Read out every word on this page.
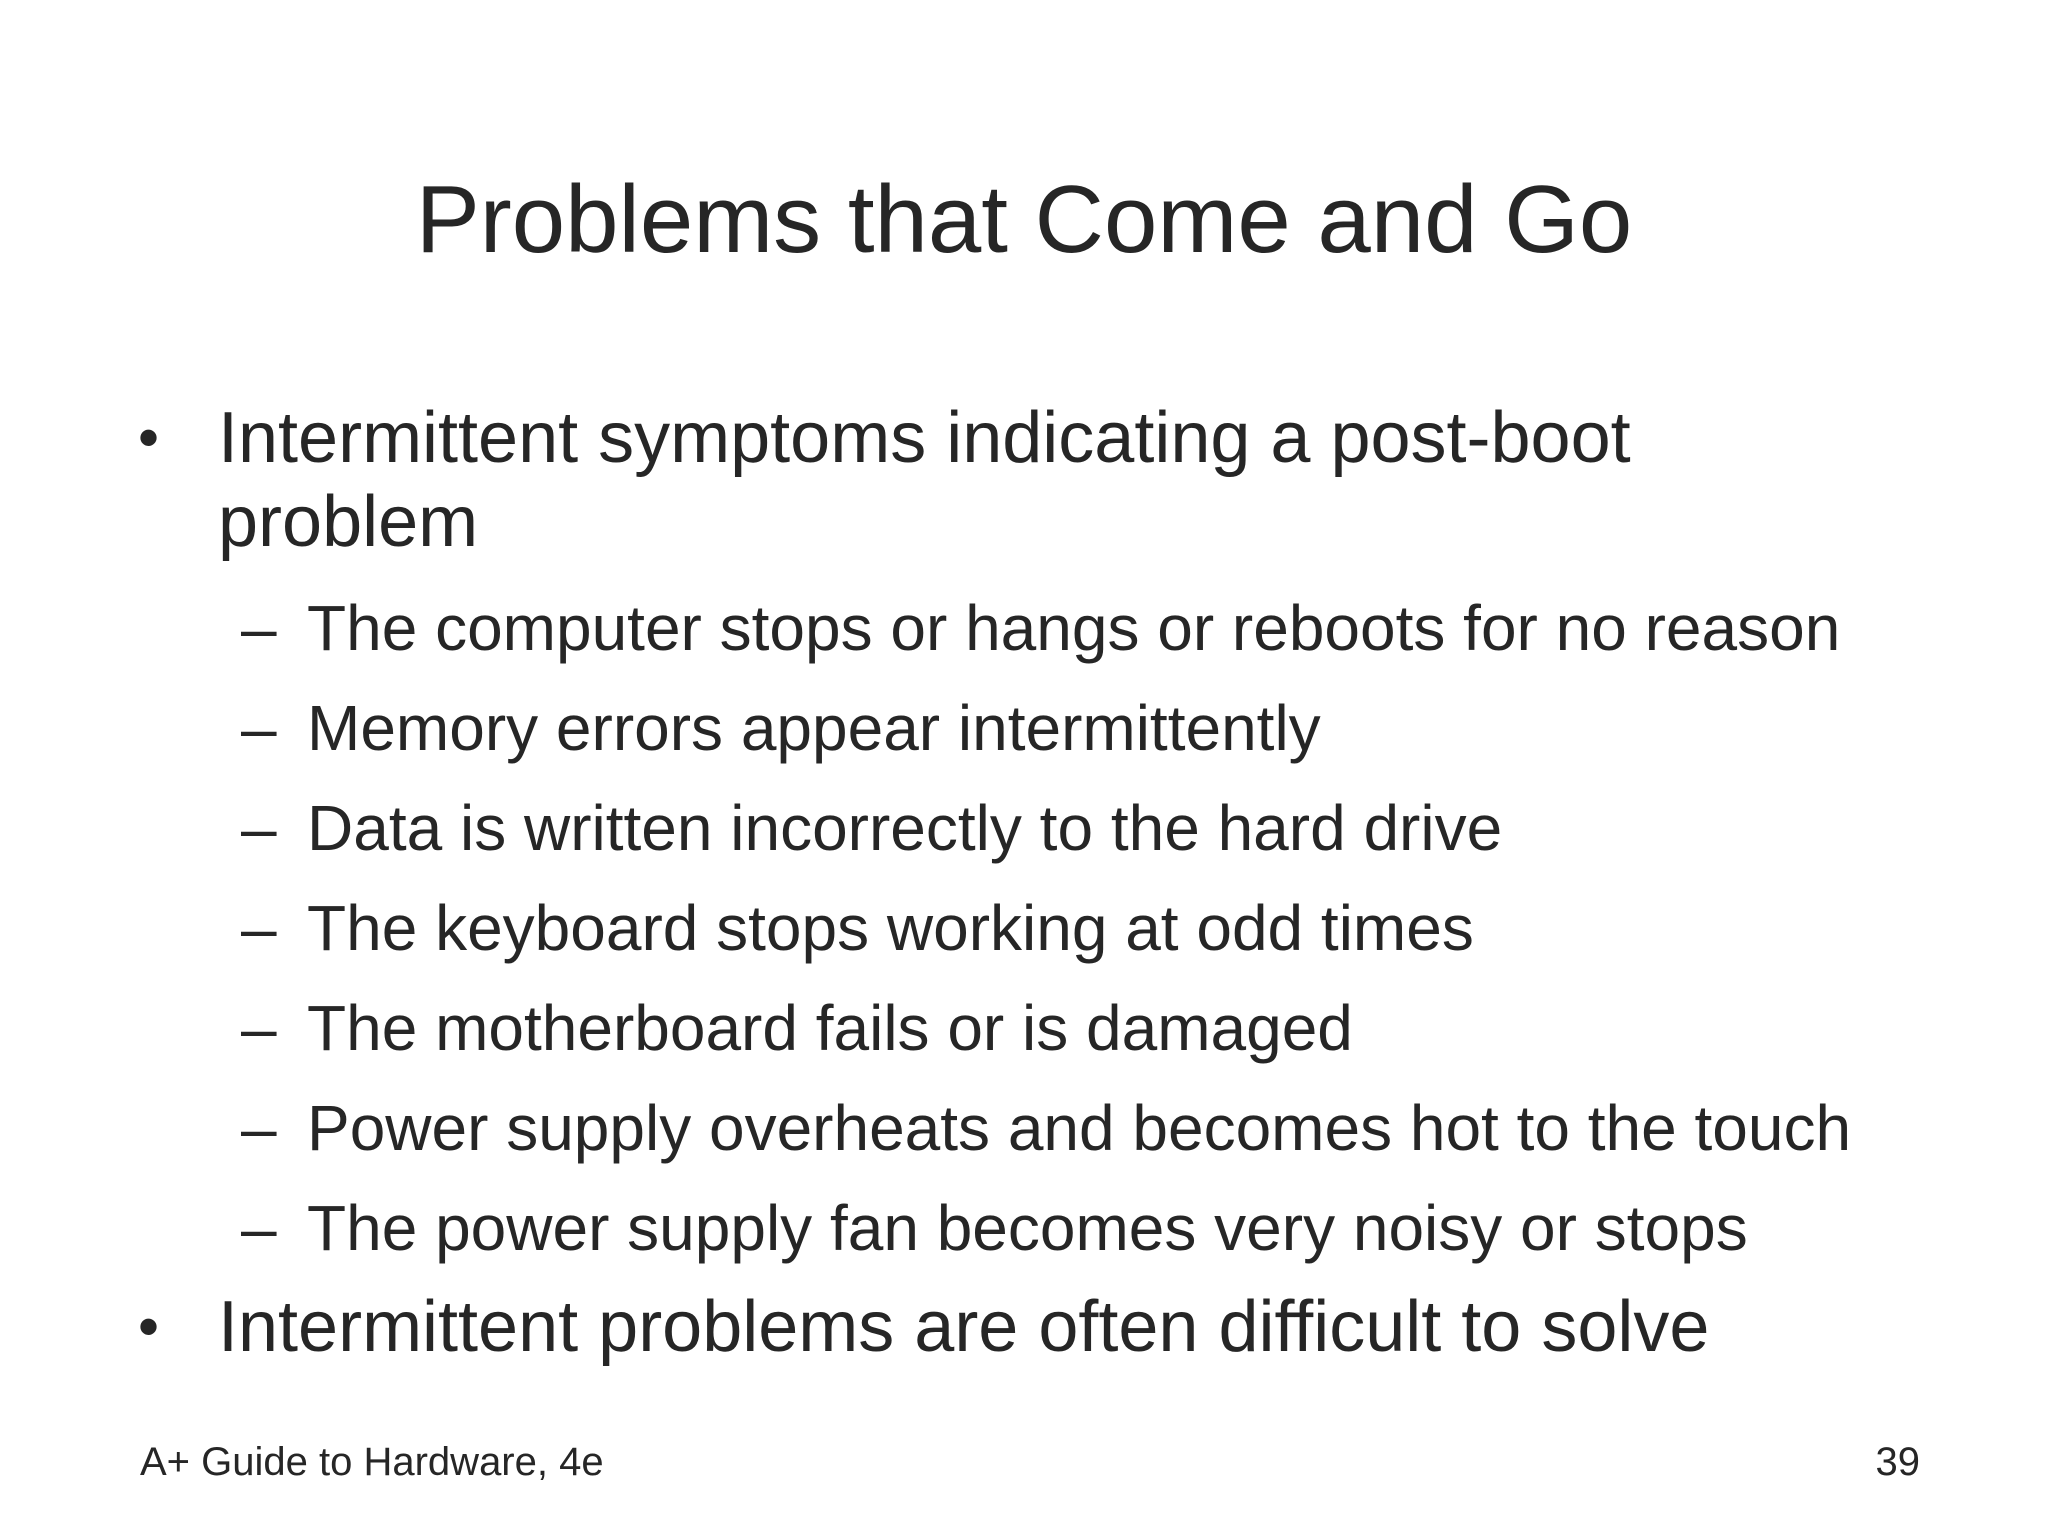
Problems that Come and Go
• Intermittent symptoms indicating a post-boot
problem
– The computer stops or hangs or reboots for no reason
– Memory errors appear intermittently
– Data is written incorrectly to the hard drive
– The keyboard stops working at odd times
– The motherboard fails or is damaged
– Power supply overheats and becomes hot to the touch
– The power supply fan becomes very noisy or stops
• Intermittent problems are often difficult to solve
A+ Guide to Hardware, 4e	39
